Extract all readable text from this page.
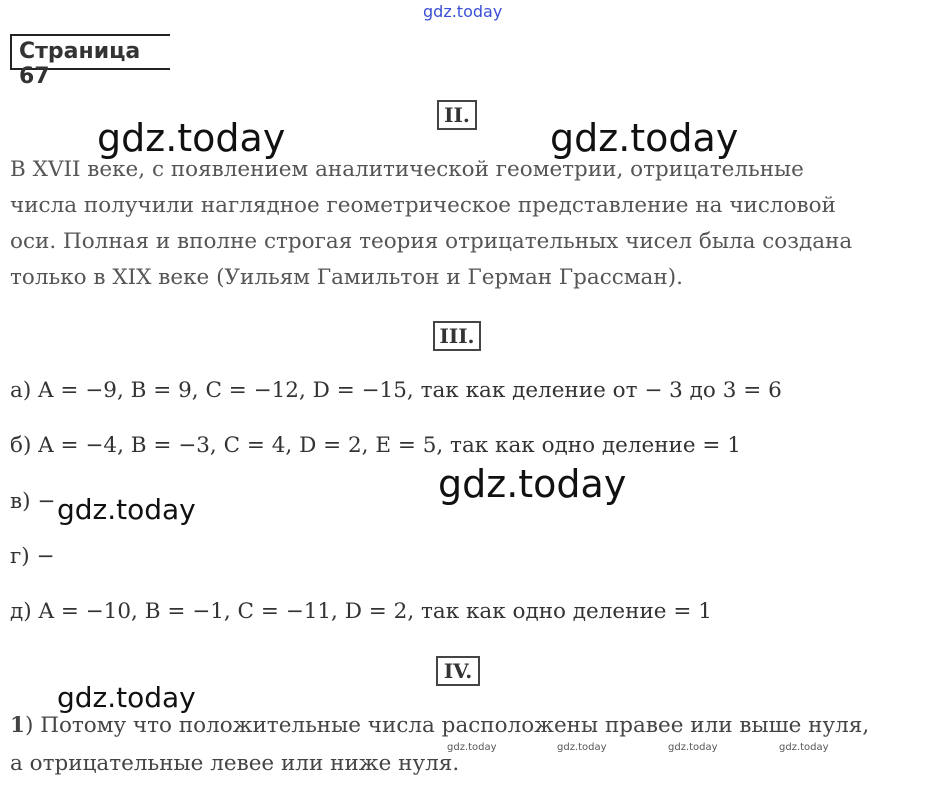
gdz.today
Страница 67
II.
gdz.today	gdz.today
В XVII веке, с появлением аналитической геометрии, отрицательные
числа получили наглядное геометрическое представление на числовой
оси. Полная и вполне строгая теория отрицательных чисел была создана
только в XIX веке (Уильям Гамильтон и Герман Грассман).
III.
а) A = −9, B = 9, C = −12, D = −15, так как деление от − 3 до 3 = 6
б) A = −4, B = −3, C = 4, D = 2, E = 5, так как одно деление = 1
gdz.today
в) − gdz.today
г) −
д) A = −10, B = −1, C = −11, D = 2, так как одно деление = 1
IV.
gdz.today
1) Потому что положительные числа расположены правее или выше нуля,
gdz.today	gdz.today	gdz.today	gdz.today
а отрицательные левее или ниже нуля.
